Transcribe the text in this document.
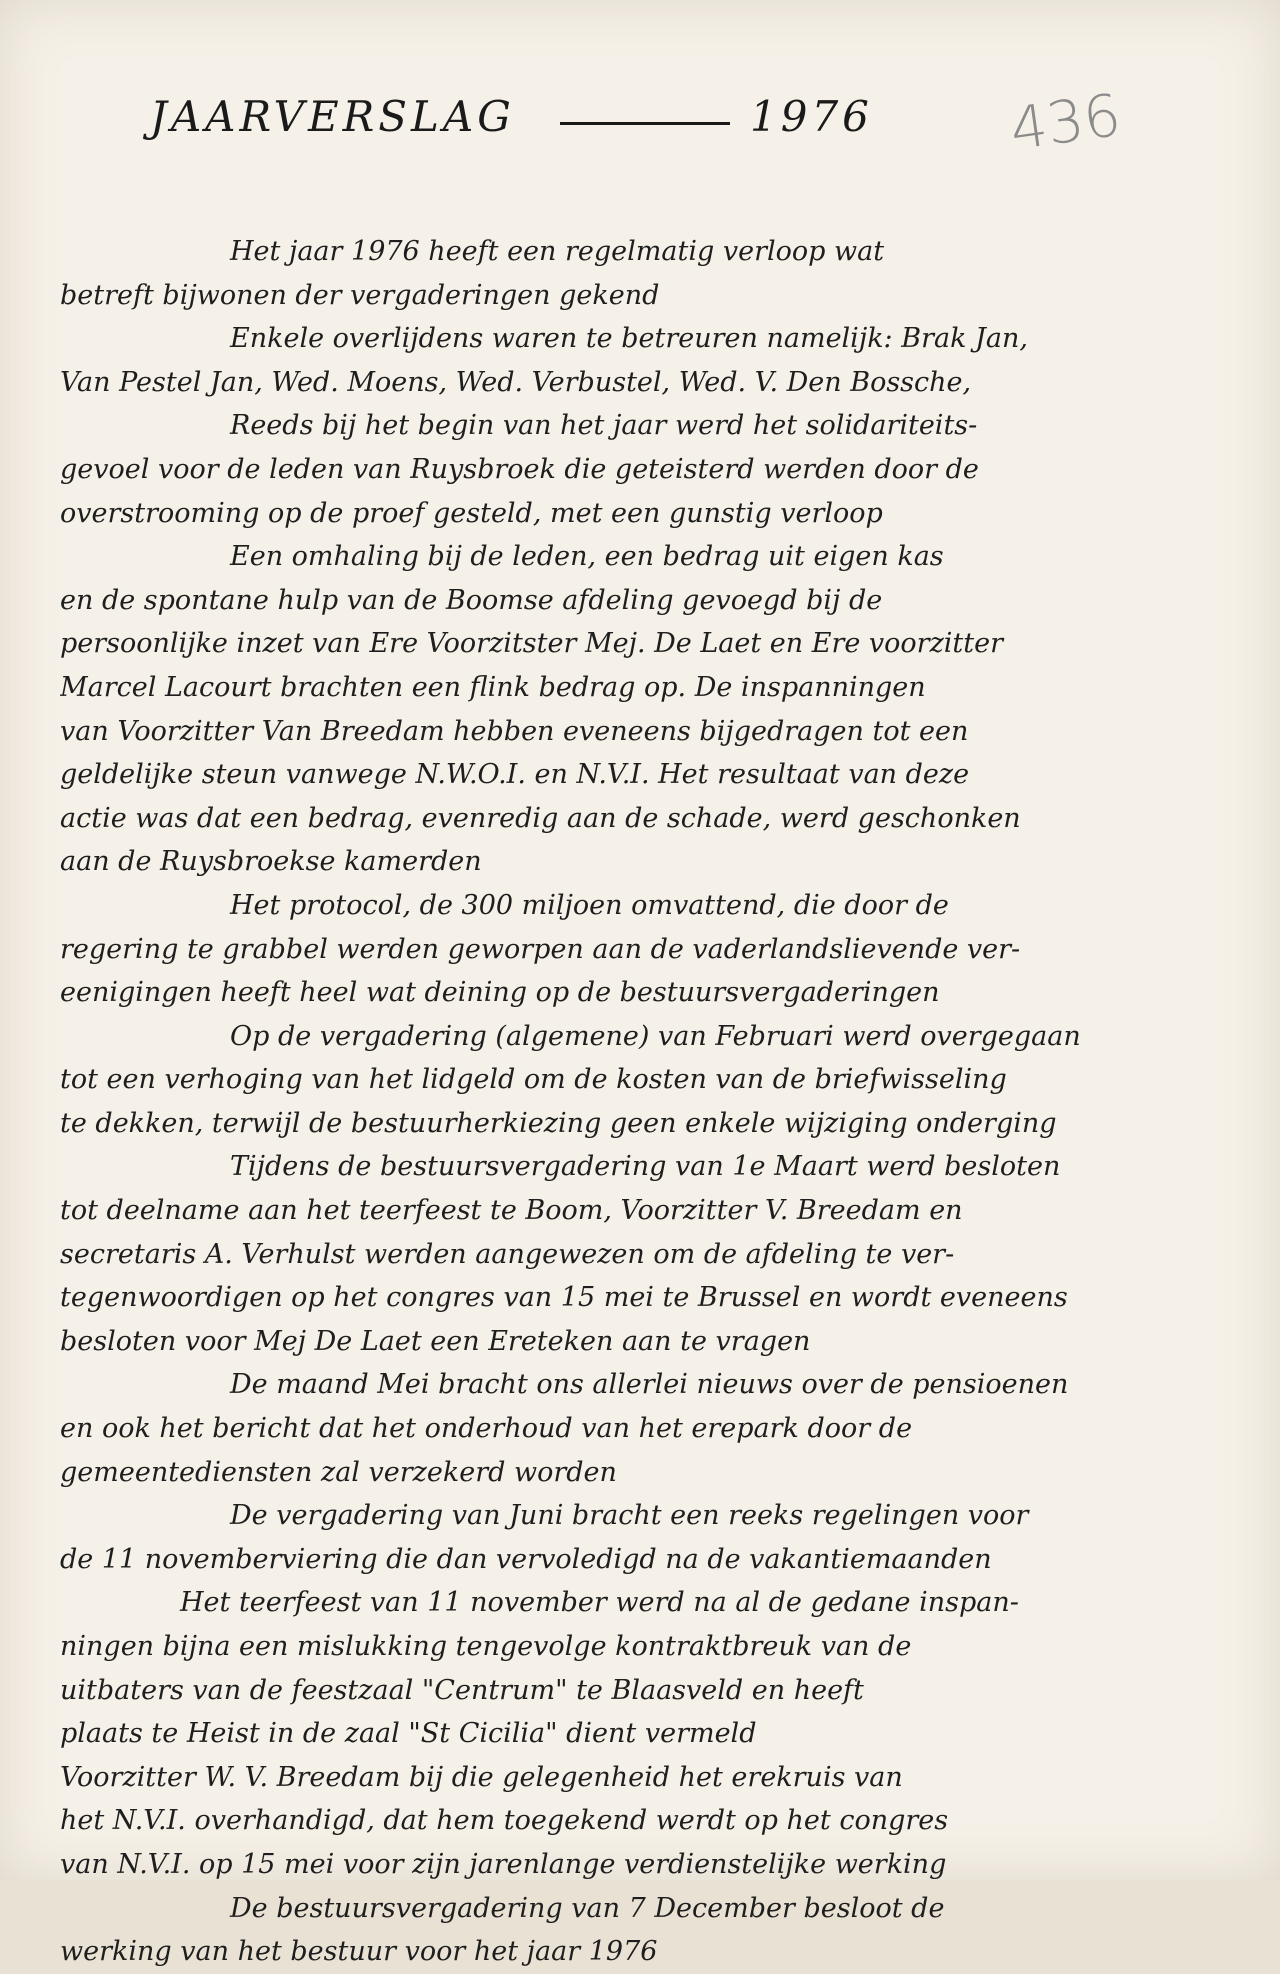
JAARVERSLAG	1976 436
Het jaar 1976 heeft een regelmatig verloop wat
betreft bijwonen der vergaderingen gekend
Enkele overlijdens waren te betreuren namelijk: Brak Jan,
Van Pestel Jan, Wed. Moens, Wed. Verbustel, Wed. V. Den Bossche,
Reeds bij het begin van het jaar werd het solidariteits-
gevoel voor de leden van Ruysbroek die geteisterd werden door de
overstrooming op de proef gesteld, met een gunstig verloop
Een omhaling bij de leden, een bedrag uit eigen kas
en de spontane hulp van de Boomse afdeling gevoegd bij de
persoonlijke inzet van Ere Voorzitster Mej. De Laet en Ere voorzitter
Marcel Lacourt brachten een flink bedrag op. De inspanningen
van Voorzitter Van Breedam hebben eveneens bijgedragen tot een
geldelijke steun vanwege N.W.O.I. en N.V.I. Het resultaat van deze
actie was dat een bedrag, evenredig aan de schade, werd geschonken
aan de Ruysbroekse kamerden
Het protocol, de 300 miljoen omvattend, die door de
regering te grabbel werden geworpen aan de vaderlandslievende ver-
eenigingen heeft heel wat deining op de bestuursvergaderingen
Op de vergadering (algemene) van Februari werd overgegaan
tot een verhoging van het lidgeld om de kosten van de briefwisseling
te dekken, terwijl de bestuurherkiezing geen enkele wijziging onderging
Tijdens de bestuursvergadering van 1e Maart werd besloten
tot deelname aan het teerfeest te Boom, Voorzitter V. Breedam en
secretaris A. Verhulst werden aangewezen om de afdeling te ver-
tegenwoordigen op het congres van 15 mei te Brussel en wordt eveneens
besloten voor Mej De Laet een Ereteken aan te vragen
De maand Mei bracht ons allerlei nieuws over de pensioenen
en ook het bericht dat het onderhoud van het erepark door de
gemeentediensten zal verzekerd worden
De vergadering van Juni bracht een reeks regelingen voor
de 11 novemberviering die dan vervoledigd na de vakantiemaanden
Het teerfeest van 11 november werd na al de gedane inspan-
ningen bijna een mislukking tengevolge kontraktbreuk van de
uitbaters van de feestzaal "Centrum" te Blaasveld en heeft
plaats te Heist in de zaal "St Cicilia" dient vermeld
Voorzitter W. V. Breedam bij die gelegenheid het erekruis van
het N.V.I. overhandigd, dat hem toegekend werdt op het congres
van N.V.I. op 15 mei voor zijn jarenlange verdienstelijke werking
De bestuursvergadering van 7 December besloot de
werking van het bestuur voor het jaar 1976
